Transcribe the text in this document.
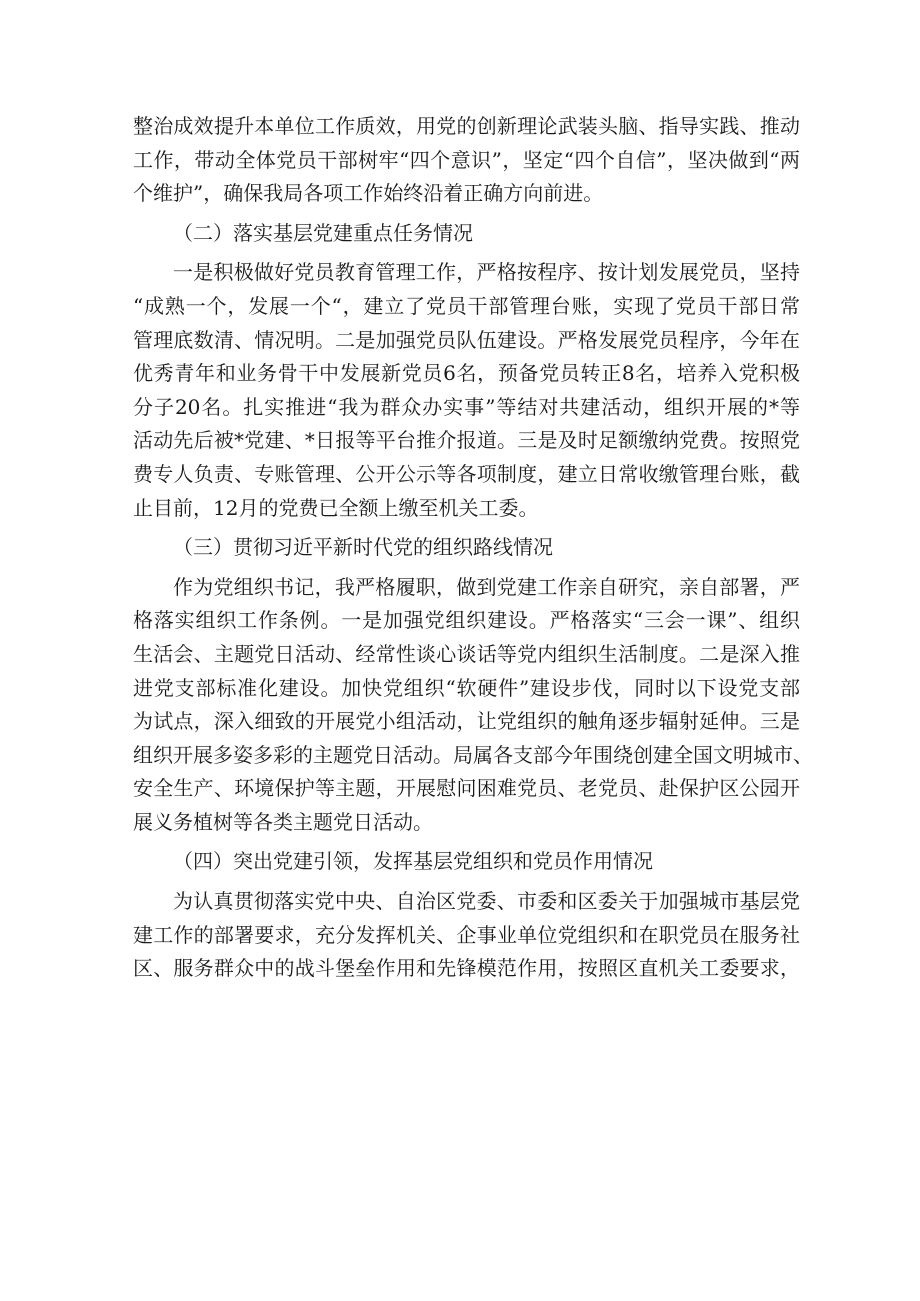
整治成效提升本单位工作质效，用党的创新理论武装头脑、指导实践、推动
工作，带动全体党员干部树牢“四个意识”，坚定“四个自信”，坚决做到“两
个维护”，确保我局各项工作始终沿着正确方向前进。
（二）落实基层党建重点任务情况
一是积极做好党员教育管理工作，严格按程序、按计划发展党员，坚持
“成熟一个，发展一个“，建立了党员干部管理台账，实现了党员干部日常
管理底数清、情况明。二是加强党员队伍建设。严格发展党员程序，今年在
优秀青年和业务骨干中发展新党员6名，预备党员转正8名，培养入党积极
分子20名。扎实推进“我为群众办实事”等结对共建活动，组织开展的*等
活动先后被*党建、*日报等平台推介报道。三是及时足额缴纳党费。按照党
费专人负责、专账管理、公开公示等各项制度，建立日常收缴管理台账，截
止目前，12月的党费已全额上缴至机关工委。
（三）贯彻习近平新时代党的组织路线情况
作为党组织书记，我严格履职，做到党建工作亲自研究，亲自部署，严
格落实组织工作条例。一是加强党组织建设。严格落实“三会一课”、组织
生活会、主题党日活动、经常性谈心谈话等党内组织生活制度。二是深入推
进党支部标准化建设。加快党组织“软硬件”建设步伐，同时以下设党支部
为试点，深入细致的开展党小组活动，让党组织的触角逐步辐射延伸。三是
组织开展多姿多彩的主题党日活动。局属各支部今年围绕创建全国文明城市、
安全生产、环境保护等主题，开展慰问困难党员、老党员、赴保护区公园开
展义务植树等各类主题党日活动。
（四）突出党建引领，发挥基层党组织和党员作用情况
为认真贯彻落实党中央、自治区党委、市委和区委关于加强城市基层党
建工作的部署要求，充分发挥机关、企事业单位党组织和在职党员在服务社
区、服务群众中的战斗堡垒作用和先锋模范作用，按照区直机关工委要求，
